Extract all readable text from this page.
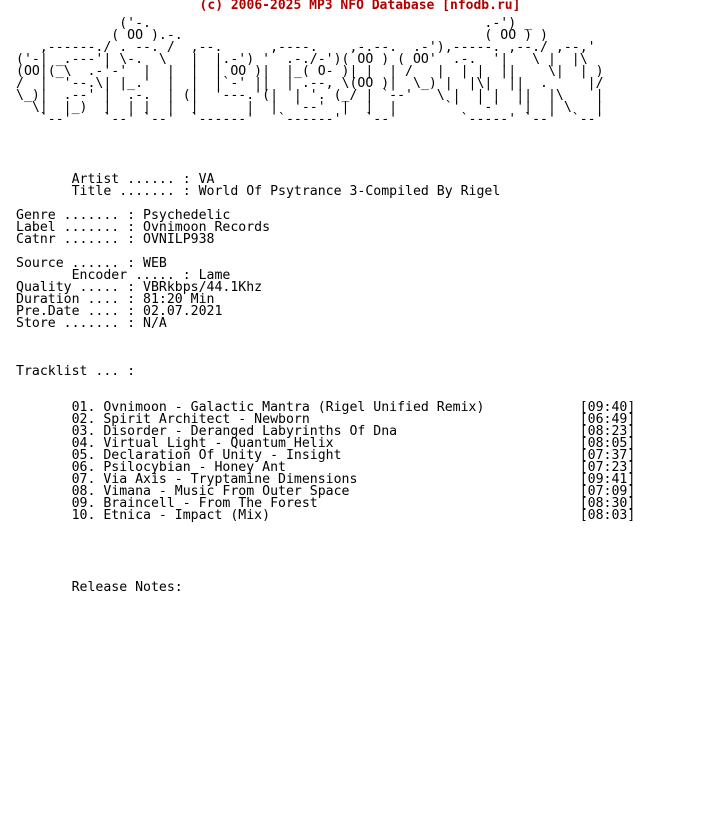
(c) 2006-2025 MP3 NFO Database [nfodb.ru]
('-.                                          .-') _
( OO ).-.                                      ( OO ) )
,------./ . --. /  ,--.      ,----.    ,-.--.  .-'),-----. ,--./ ,--,'
('-| _.---'| \-.  \   |  |.-') '  .-./-')( OO ) ( OO'  .-.  '|   \ |  |\
(OO|(_\  .-'-'  |  |  |  | OO )|  |_( O- )| |  | /   |  | |  ||    \|  | )
/  |  '--.\| |_.'  |  |  |`-' ||  | .--, \(OO )|  \_) |  |\|  ||  .     |/
\_)|  .--' |  .-.  | (|  '---.'(|  | '. (_/ | `--'   \ |  | |  ||  |\    |
\|  |_)  |  | |  |  |      |  |  '--'  |  |  |      `'  '-'  '|  | \   |
`--'    `--' `--'  `------'   `------'   `--'        `-----' `--'  `--'

Artist ...... : VA
Title ....... : World Of Psytrance 3-Compiled By Rigel

Genre ....... : Psychedelic
Label ....... : Ovnimoon Records
Catnr ....... : OVNILP938

Source ...... : WEB
Encoder ..... : Lame
Quality ..... : VBRkbps/44.1Khz
Duration .... : 81:20 Min
Pre.Date .... : 02.07.2021
Store ....... : N/A

Tracklist ... :

01. Ovnimoon - Galactic Mantra (Rigel Unified Remix)            [09:40]
02. Spirit Architect - Newborn                                  [06:49]
03. Disorder - Deranged Labyrinths Of Dna                       [08:23]
04. Virtual Light - Quantum Helix                               [08:05]
05. Declaration Of Unity - Insight                              [07:37]
06. Psilocybian - Honey Ant                                     [07:23]
07. Via Axis - Tryptamine Dimensions                            [09:41]
08. Vimana - Music From Outer Space                             [07:09]
09. Braincell - From The Forest                                 [08:30]
10. Etnica - Impact (Mix)                                       [08:03]

Release Notes:
